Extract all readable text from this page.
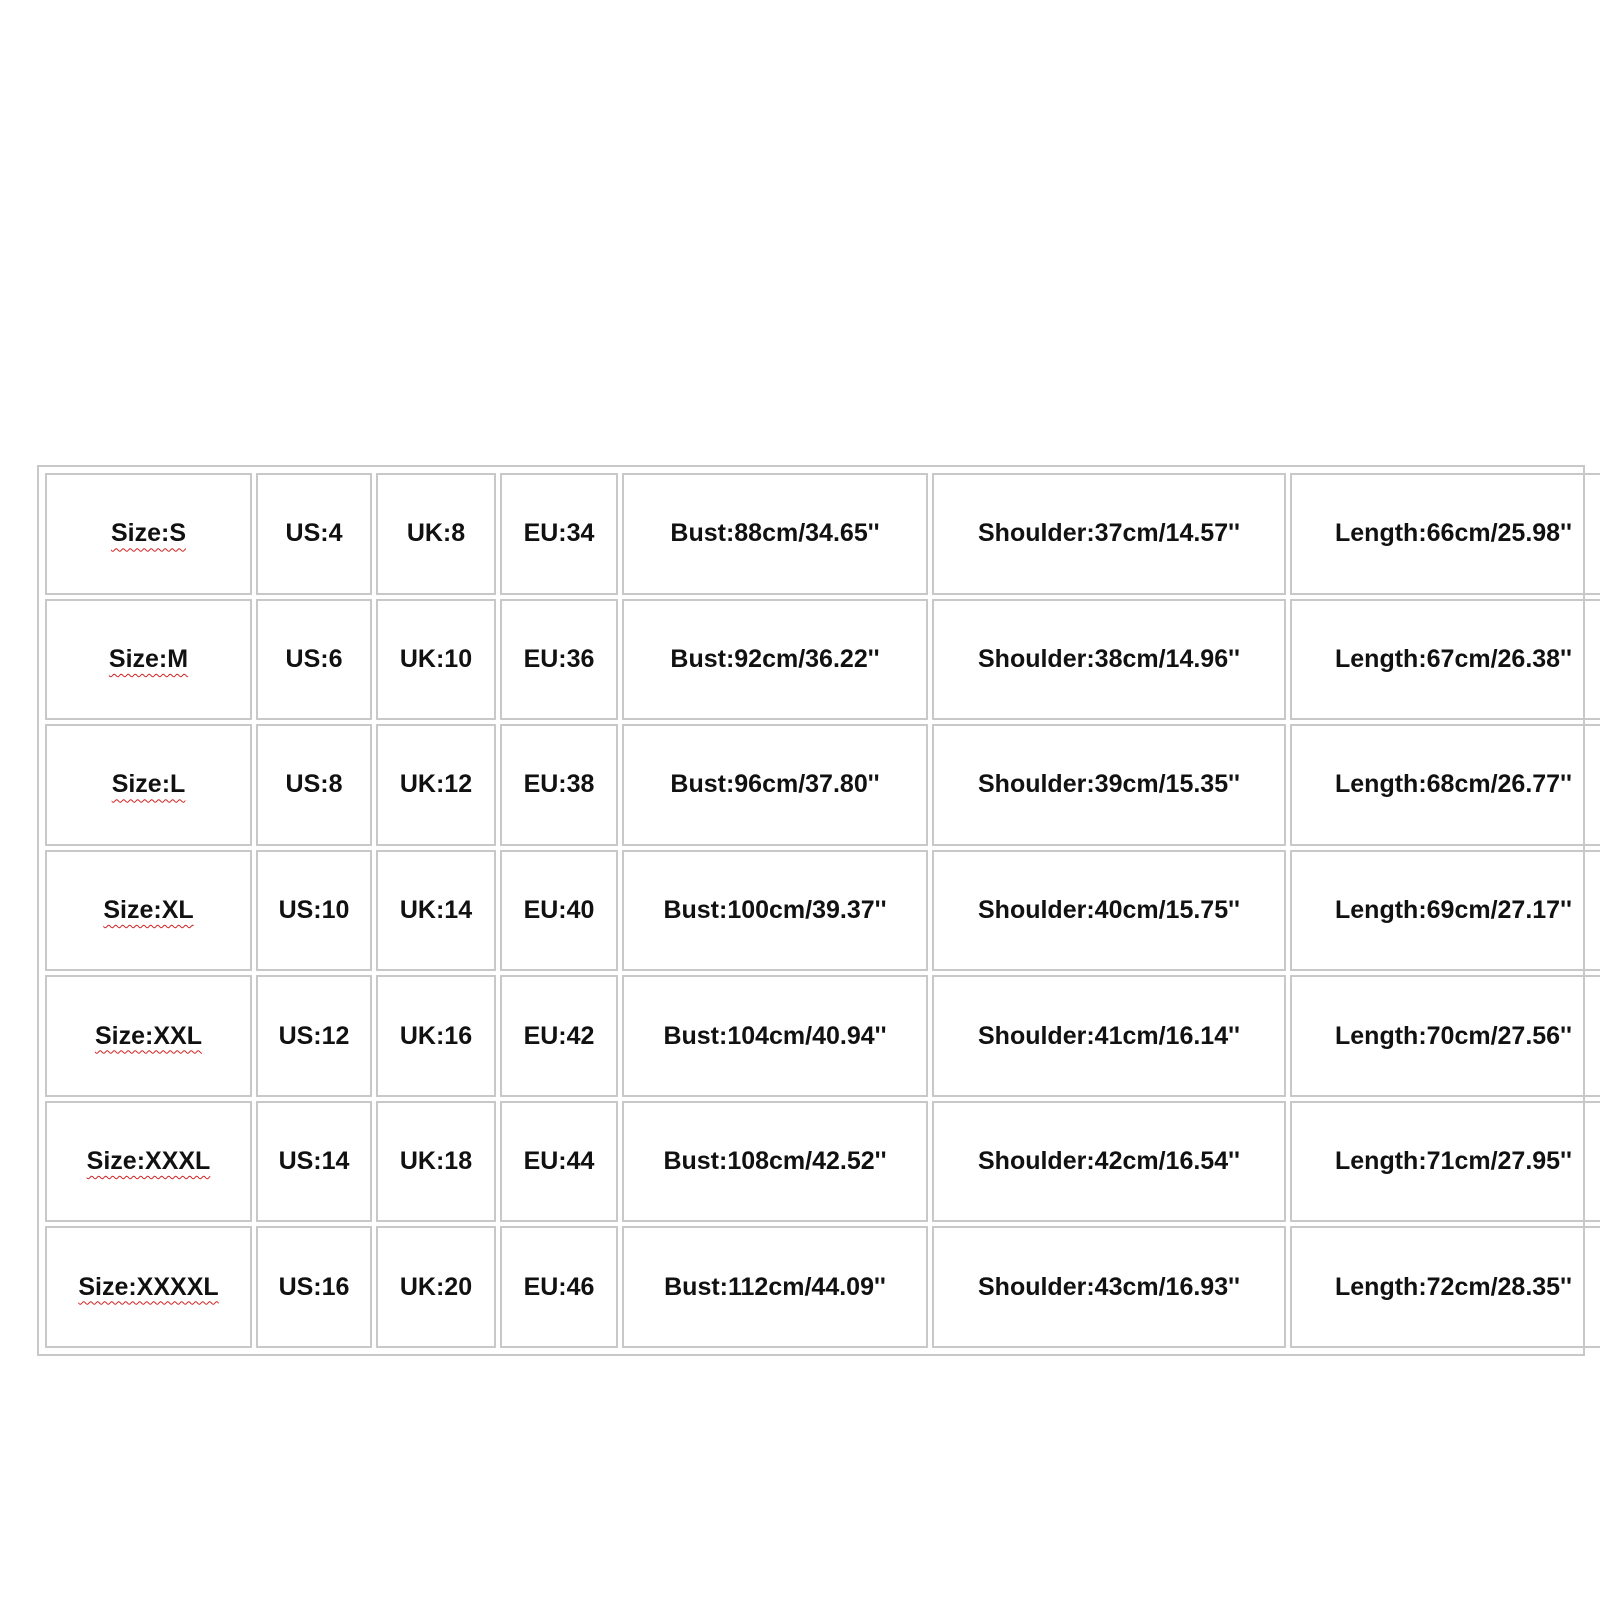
Size:S	US:4	UK:8	EU:34	Bust:88cm/34.65''	Shoulder:37cm/14.57''	Length:66cm/25.98''
Size:M	US:6	UK:10	EU:36	Bust:92cm/36.22''	Shoulder:38cm/14.96''	Length:67cm/26.38''
Size:L	US:8	UK:12	EU:38	Bust:96cm/37.80''	Shoulder:39cm/15.35''	Length:68cm/26.77''
Size:XL	US:10	UK:14	EU:40	Bust:100cm/39.37''	Shoulder:40cm/15.75''	Length:69cm/27.17''
Size:XXL	US:12	UK:16	EU:42	Bust:104cm/40.94''	Shoulder:41cm/16.14''	Length:70cm/27.56''
Size:XXXL	US:14	UK:18	EU:44	Bust:108cm/42.52''	Shoulder:42cm/16.54''	Length:71cm/27.95''
Size:XXXXL	US:16	UK:20	EU:46	Bust:112cm/44.09''	Shoulder:43cm/16.93''	Length:72cm/28.35''
